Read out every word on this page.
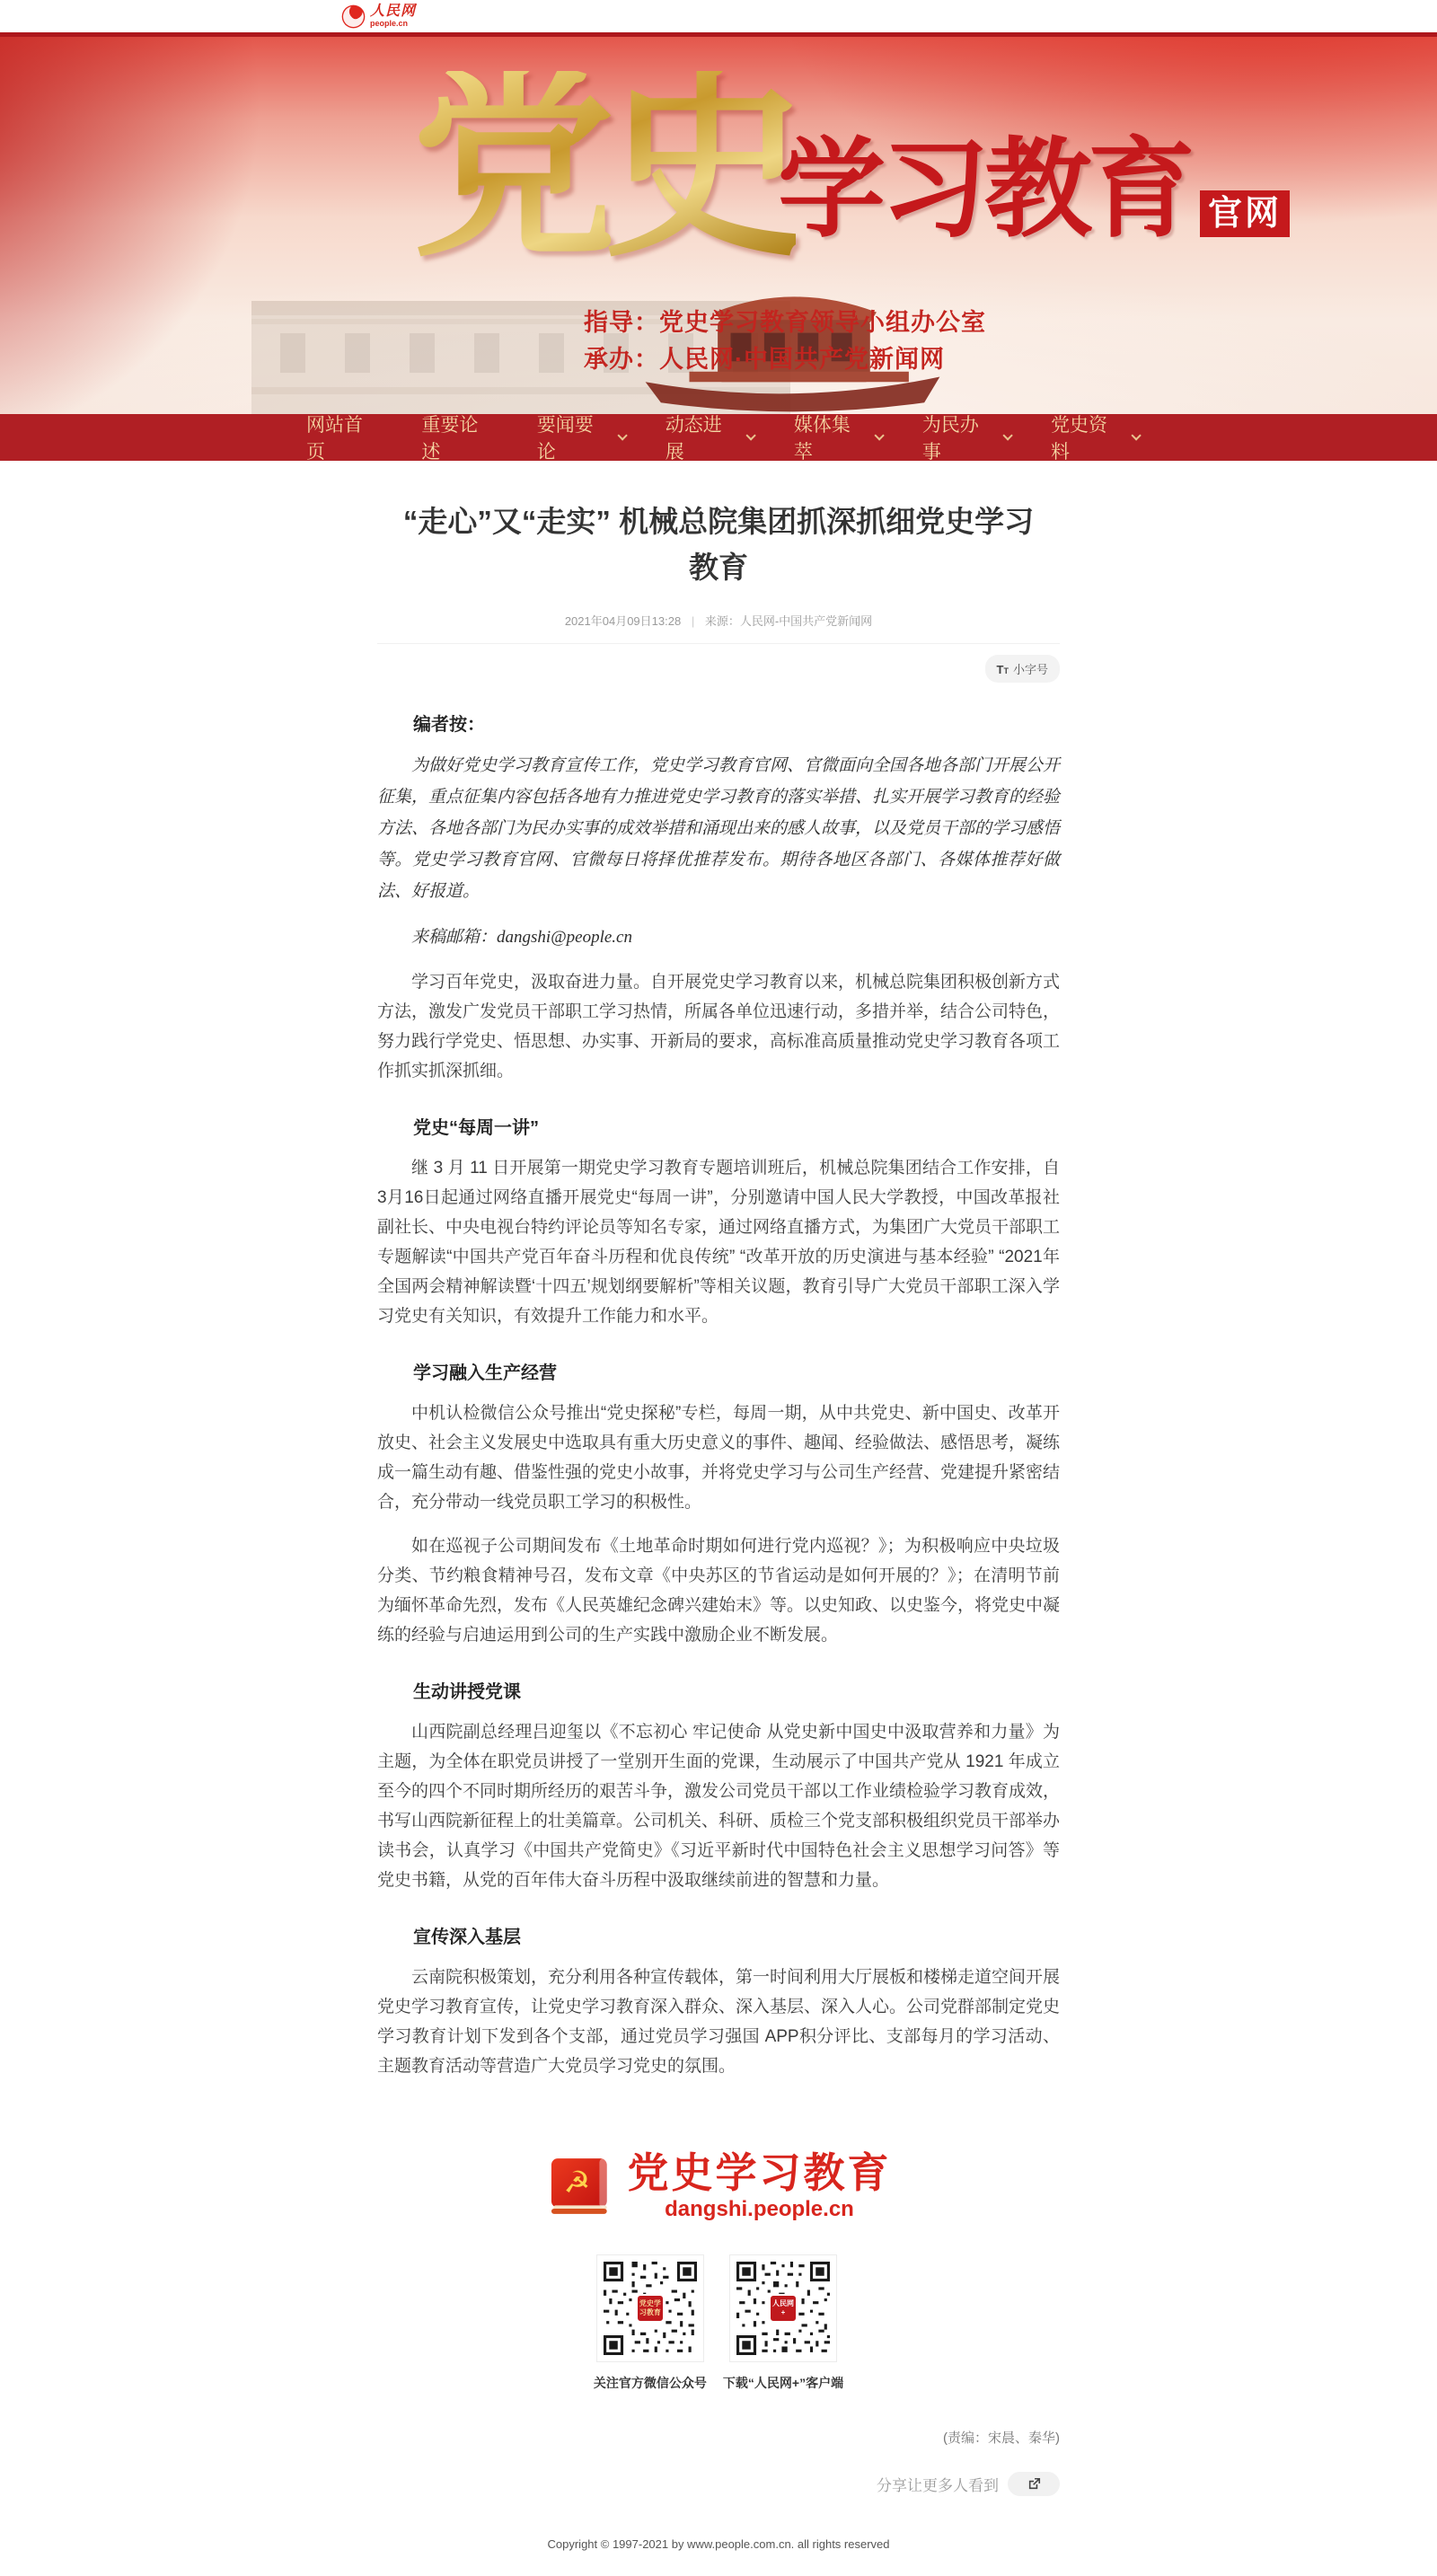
人民网
people.cn
党史
学习教育 官网
指导：党史学习教育领导小组办公室
承办：人民网·中国共产党新闻网
网站首页
重要论述
要闻要论
动态进展
媒体集萃
为民办事
党史资料
“走心”又“走实” 机械总院集团抓深抓细党史学习教育
2021年04月09日13:28 | 来源：人民网-中国共产党新闻网
TT 小字号

编者按：

为做好党史学习教育宣传工作，党史学习教育官网、官微面向全国各地各部门开展公开征集，重点征集内容包括各地有力推进党史学习教育的落实举措、扎实开展学习教育的经验方法、各地各部门为民办实事的成效举措和涌现出来的感人故事，以及党员干部的学习感悟等。党史学习教育官网、官微每日将择优推荐发布。期待各地区各部门、各媒体推荐好做法、好报道。

来稿邮箱：dangshi@people.cn

学习百年党史，汲取奋进力量。自开展党史学习教育以来，机械总院集团积极创新方式方法，激发广发党员干部职工学习热情，所属各单位迅速行动，多措并举，结合公司特色，努力践行学党史、悟思想、办实事、开新局的要求，高标准高质量推动党史学习教育各项工作抓实抓深抓细。

党史“每周一讲”

继 3 月 11 日开展第一期党史学习教育专题培训班后，机械总院集团结合工作安排，自3月16日起通过网络直播开展党史“每周一讲”，分别邀请中国人民大学教授，中国改革报社副社长、中央电视台特约评论员等知名专家，通过网络直播方式，为集团广大党员干部职工专题解读“中国共产党百年奋斗历程和优良传统” “改革开放的历史演进与基本经验” “2021年全国两会精神解读暨‘十四五’规划纲要解析”等相关议题，教育引导广大党员干部职工深入学习党史有关知识，有效提升工作能力和水平。

学习融入生产经营

中机认检微信公众号推出“党史探秘”专栏，每周一期，从中共党史、新中国史、改革开放史、社会主义发展史中选取具有重大历史意义的事件、趣闻、经验做法、感悟思考，凝练成一篇生动有趣、借鉴性强的党史小故事，并将党史学习与公司生产经营、党建提升紧密结合，充分带动一线党员职工学习的积极性。

如在巡视子公司期间发布《土地革命时期如何进行党内巡视？》；为积极响应中央垃圾分类、节约粮食精神号召，发布文章《中央苏区的节省运动是如何开展的？》；在清明节前为缅怀革命先烈，发布《人民英雄纪念碑兴建始末》等。以史知政、以史鉴今，将党史中凝练的经验与启迪运用到公司的生产实践中激励企业不断发展。

生动讲授党课

山西院副总经理吕迎玺以《不忘初心 牢记使命 从党史新中国史中汲取营养和力量》为主题，为全体在职党员讲授了一堂别开生面的党课，生动展示了中国共产党从 1921 年成立至今的四个不同时期所经历的艰苦斗争，激发公司党员干部以工作业绩检验学习教育成效，书写山西院新征程上的壮美篇章。公司机关、科研、质检三个党支部积极组织党员干部举办读书会，认真学习《中国共产党简史》《习近平新时代中国特色社会主义思想学习问答》等党史书籍，从党的百年伟大奋斗历程中汲取继续前进的智慧和力量。

宣传深入基层

云南院积极策划，充分利用各种宣传载体，第一时间利用大厅展板和楼梯走道空间开展党史学习教育宣传，让党史学习教育深入群众、深入基层、深入人心。公司党群部制定党史学习教育计划下发到各个支部，通过党员学习强国 APP积分评比、支部每月的学习活动、主题教育活动等营造广大党员学习党史的氛围。

☭ 党史学习教育
dangshi.people.cn
党史学习教育
关注官方微信公众号
人民网+
下载“人民网+”客户端
(责编：宋晨、秦华)
分享让更多人看到
Copyright © 1997-2021 by www.people.com.cn. all rights reserved
